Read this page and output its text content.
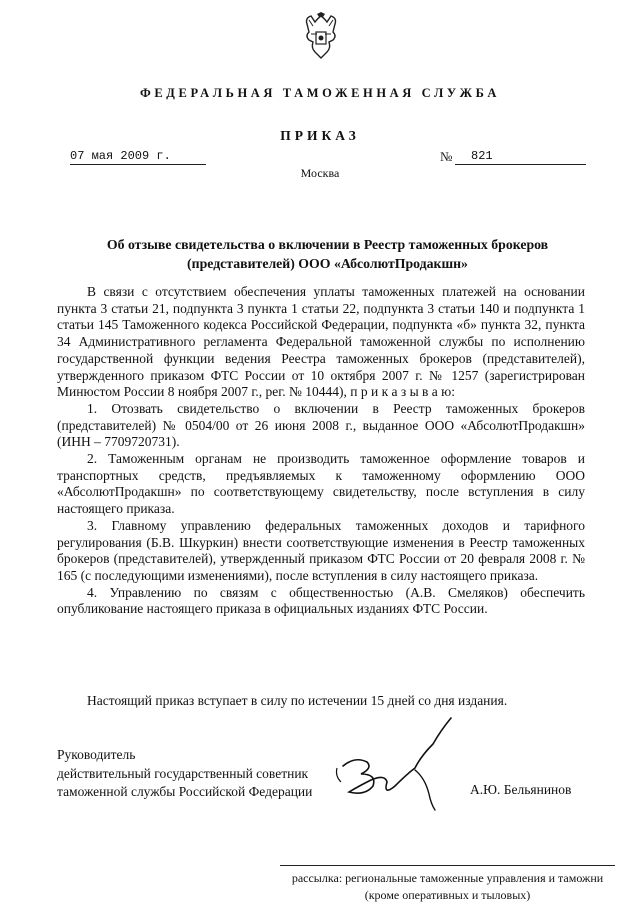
ФЕДЕРАЛЬНАЯ ТАМОЖЕННАЯ СЛУЖБА
ПРИКАЗ
07 мая 2009 г.	№	821
Москва
Об отзыве свидетельства о включении в Реестр таможенных брокеров
(представителей) ООО «АбсолютПродакшн»

В связи с отсутствием обеспечения уплаты таможенных платежей на основании пункта 3 статьи 21, подпункта 3 пункта 1 статьи 22, подпункта 3 статьи 140 и подпункта 1 статьи 145 Таможенного кодекса Российской Федерации, подпункта «б» пункта 32, пункта 34 Административного регламента Федеральной таможенной службы по исполнению государственной функции ведения Реестра таможенных брокеров (представителей), утвержденного приказом ФТС России от 10 октября 2007 г. № 1257 (зарегистрирован Минюстом России 8 ноября 2007 г., рег. № 10444), п р и к а з ы в а ю:

1. Отозвать свидетельство о включении в Реестр таможенных брокеров (представителей) № 0504/00 от 26 июня 2008 г., выданное ООО «АбсолютПродакшн» (ИНН – 7709720731).

2. Таможенным органам не производить таможенное оформление товаров и транспортных средств, предъявляемых к таможенному оформлению ООО «АбсолютПродакшн» по соответствующему свидетельству, после вступления в силу настоящего приказа.

3. Главному управлению федеральных таможенных доходов и тарифного регулирования (Б.В. Шкуркин) внести соответствующие изменения в Реестр таможенных брокеров (представителей), утвержденный приказом ФТС России от 20 февраля 2008 г. № 165 (с последующими изменениями), после вступления в силу настоящего приказа.

4. Управлению по связям с общественностью (А.В. Смеляков) обеспечить опубликование настоящего приказа в официальных изданиях ФТС России.

Настоящий приказ вступает в силу по истечении 15 дней со дня издания.
Руководитель
действительный государственный советник
таможенной службы Российской Федерации	А.Ю. Бельянинов
рассылка: региональные таможенные управления и таможни
(кроме оперативных и тыловых)
